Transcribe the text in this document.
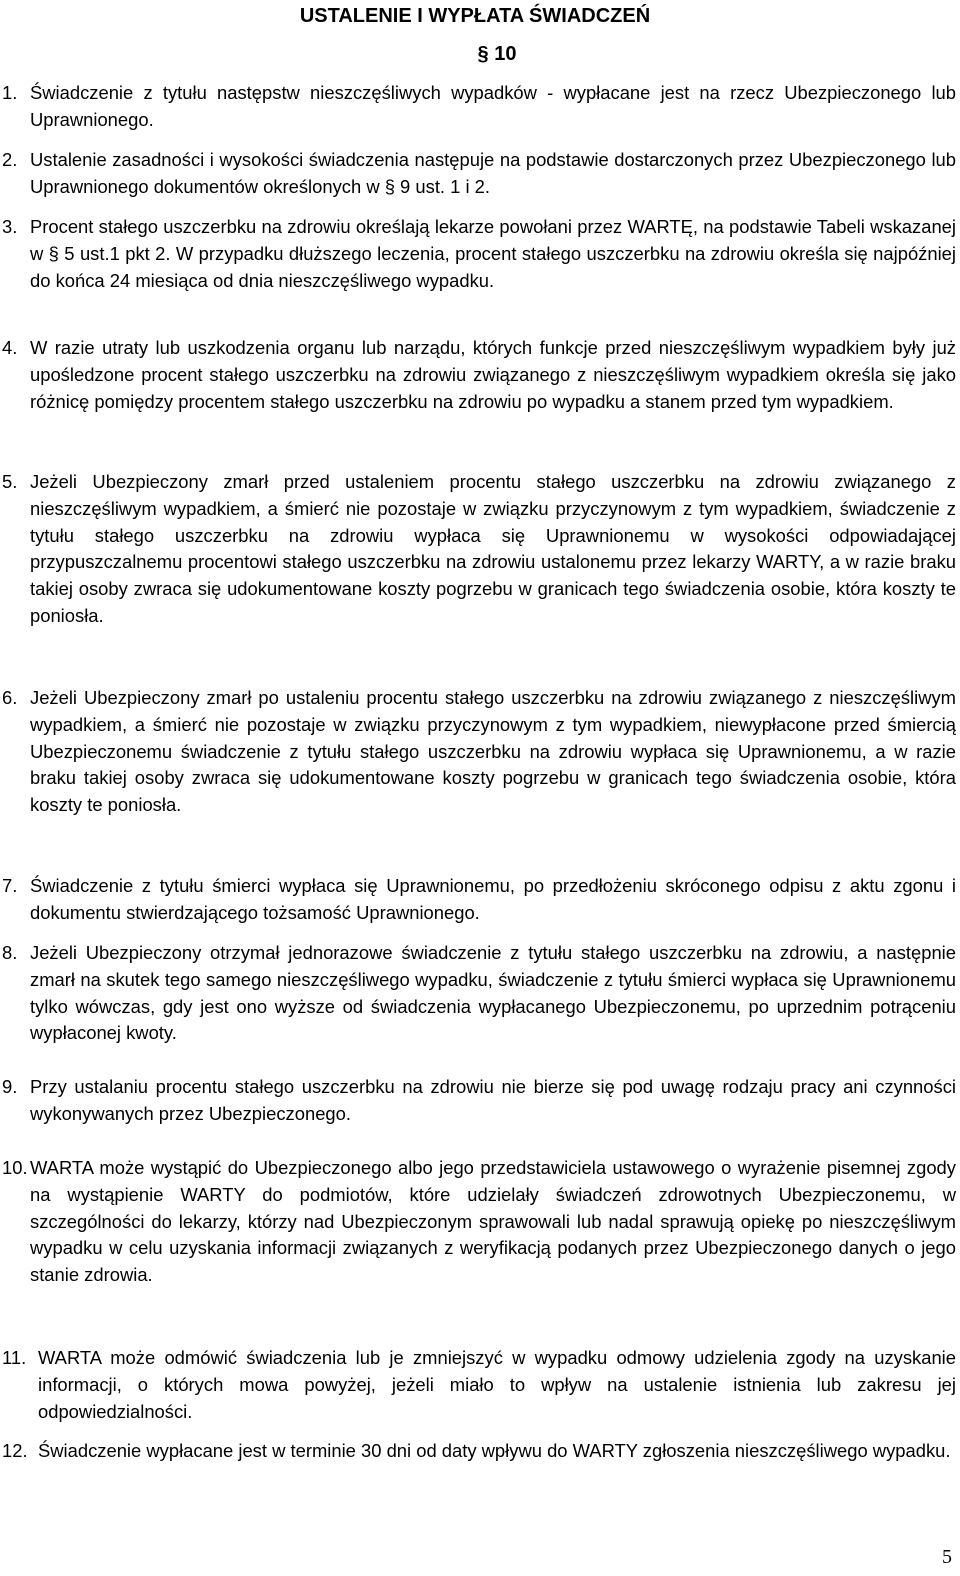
USTALENIE I WYPŁATA ŚWIADCZEŃ
§ 10
1. Świadczenie z tytułu następstw nieszczęśliwych wypadków - wypłacane jest na rzecz Ubezpieczonego lub Uprawnionego.
2. Ustalenie zasadności i wysokości świadczenia następuje na podstawie dostarczonych przez Ubezpieczonego lub Uprawnionego dokumentów określonych w § 9 ust. 1 i 2.
3. Procent stałego uszczerbku na zdrowiu określają lekarze powołani przez WARTĘ, na podstawie Tabeli wskazanej w § 5 ust.1 pkt 2. W przypadku dłuższego leczenia, procent stałego uszczerbku na zdrowiu określa się najpóźniej do końca 24 miesiąca od dnia nieszczęśliwego wypadku.
4. W razie utraty lub uszkodzenia organu lub narządu, których funkcje przed nieszczęśliwym wypadkiem były już upośledzone procent stałego uszczerbku na zdrowiu związanego z nieszczęśliwym wypadkiem określa się jako różnicę pomiędzy procentem stałego uszczerbku na zdrowiu po wypadku a stanem przed tym wypadkiem.
5. Jeżeli Ubezpieczony zmarł przed ustaleniem procentu stałego uszczerbku na zdrowiu związanego z nieszczęśliwym wypadkiem, a śmierć nie pozostaje w związku przyczynowym z tym wypadkiem, świadczenie z tytułu stałego uszczerbku na zdrowiu wypłaca się Uprawnionemu w wysokości odpowiadającej przypuszczalnemu procentowi stałego uszczerbku na zdrowiu ustalonemu przez lekarzy WARTY, a w razie braku takiej osoby zwraca się udokumentowane koszty pogrzebu w granicach tego świadczenia osobie, która koszty te poniosła.
6. Jeżeli Ubezpieczony zmarł po ustaleniu procentu stałego uszczerbku na zdrowiu związanego z nieszczęśliwym wypadkiem, a śmierć nie pozostaje w związku przyczynowym z tym wypadkiem, niewypłacone przed śmiercią Ubezpieczonemu świadczenie z tytułu stałego uszczerbku na zdrowiu wypłaca się Uprawnionemu, a w razie braku takiej osoby zwraca się udokumentowane koszty pogrzebu w granicach tego świadczenia osobie, która koszty te poniosła.
7. Świadczenie z tytułu śmierci wypłaca się Uprawnionemu, po przedłożeniu skróconego odpisu z aktu zgonu i dokumentu stwierdzającego tożsamość Uprawnionego.
8. Jeżeli Ubezpieczony otrzymał jednorazowe świadczenie z tytułu stałego uszczerbku na zdrowiu, a następnie zmarł na skutek tego samego nieszczęśliwego wypadku, świadczenie z tytułu śmierci wypłaca się Uprawnionemu tylko wówczas, gdy jest ono wyższe od świadczenia wypłacanego Ubezpieczonemu, po uprzednim potrąceniu wypłaconej kwoty.
9. Przy ustalaniu procentu stałego uszczerbku na zdrowiu nie bierze się pod uwagę rodzaju pracy ani czynności wykonywanych przez Ubezpieczonego.
10. WARTA może wystąpić do Ubezpieczonego albo jego przedstawiciela ustawowego o wyrażenie pisemnej zgody na wystąpienie WARTY do podmiotów, które udzielały świadczeń zdrowotnych Ubezpieczonemu, w szczególności do lekarzy, którzy nad Ubezpieczonym sprawowali lub nadal sprawują opiekę po nieszczęśliwym wypadku w celu uzyskania informacji związanych z weryfikacją podanych przez Ubezpieczonego danych o jego stanie zdrowia.
11. WARTA może odmówić świadczenia lub je zmniejszyć w wypadku odmowy udzielenia zgody na uzyskanie informacji, o których mowa powyżej, jeżeli miało to wpływ na ustalenie istnienia lub zakresu jej odpowiedzialności.
12. Świadczenie wypłacane jest w terminie 30 dni od daty wpływu do WARTY zgłoszenia nieszczęśliwego wypadku.
5
